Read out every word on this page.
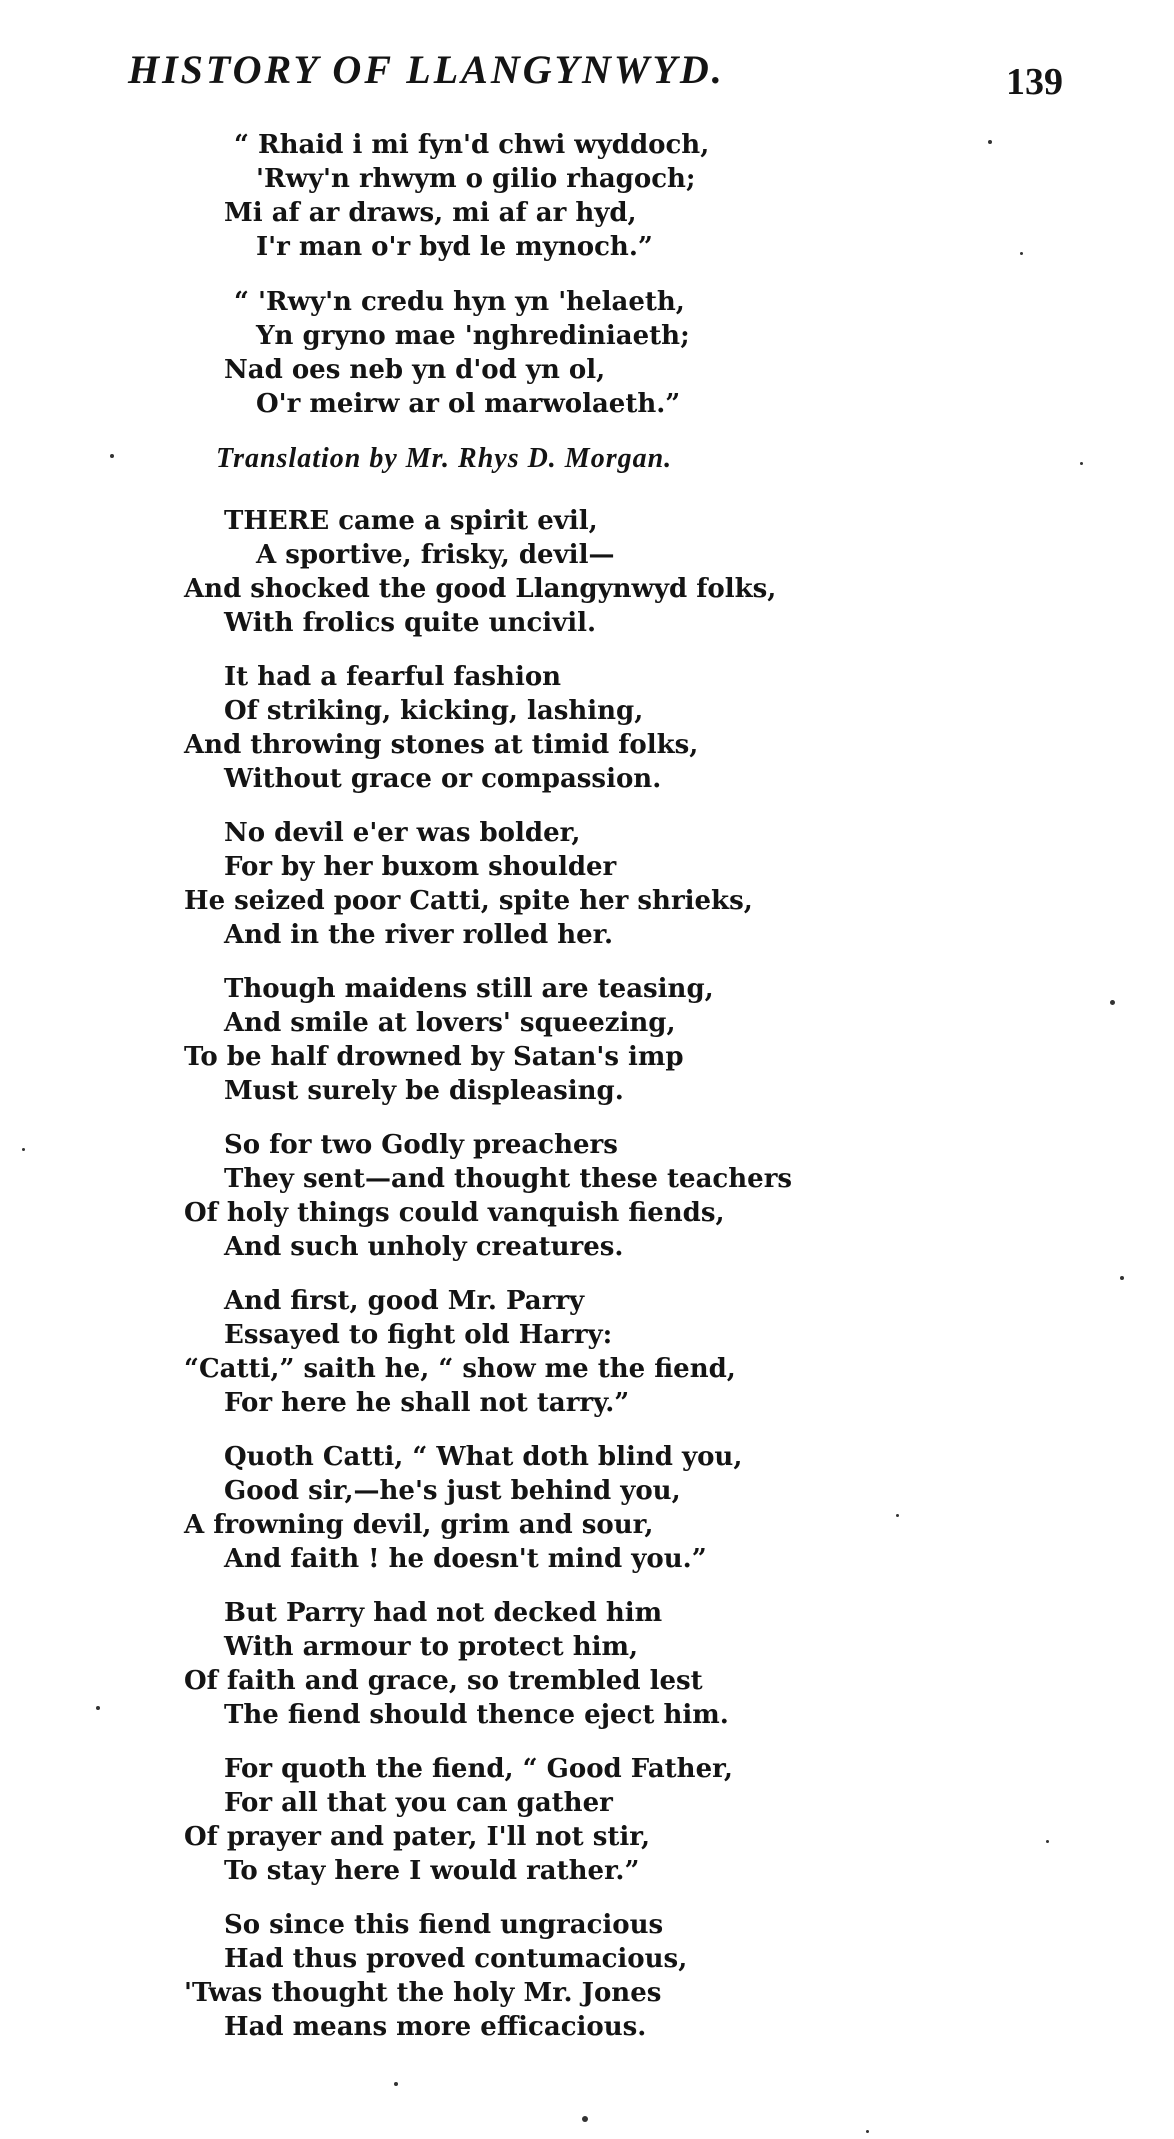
HISTORY OF LLANGYNWYD.	139
“ Rhaid i mi fyn'd chwi wyddoch,
'Rwy'n rhwym o gilio rhagoch;
Mi af ar draws, mi af ar hyd,
I'r man o'r byd le mynoch.”
“ 'Rwy'n credu hyn yn 'helaeth,
Yn gryno mae 'nghrediniaeth;
Nad oes neb yn d'od yn ol,
O'r meirw ar ol marwolaeth.”
Translation by Mr. Rhys D. Morgan.
THERE came a spirit evil,
A sportive, frisky, devil—
And shocked the good Llangynwyd folks,
With frolics quite uncivil.
It had a fearful fashion
Of striking, kicking, lashing,
And throwing stones at timid folks,
Without grace or compassion.
No devil e'er was bolder,
For by her buxom shoulder
He seized poor Catti, spite her shrieks,
And in the river rolled her.
Though maidens still are teasing,
And smile at lovers' squeezing,
To be half drowned by Satan's imp
Must surely be displeasing.
So for two Godly preachers
They sent—and thought these teachers
Of holy things could vanquish fiends,
And such unholy creatures.
And first, good Mr. Parry
Essayed to fight old Harry:
“Catti,” saith he, “ show me the fiend,
For here he shall not tarry.”
Quoth Catti, “ What doth blind you,
Good sir,—he's just behind you,
A frowning devil, grim and sour,
And faith ! he doesn't mind you.”
But Parry had not decked him
With armour to protect him,
Of faith and grace, so trembled lest
The fiend should thence eject him.
For quoth the fiend, “ Good Father,
For all that you can gather
Of prayer and pater, I'll not stir,
To stay here I would rather.”
So since this fiend ungracious
Had thus proved contumacious,
'Twas thought the holy Mr. Jones
Had means more efficacious.
